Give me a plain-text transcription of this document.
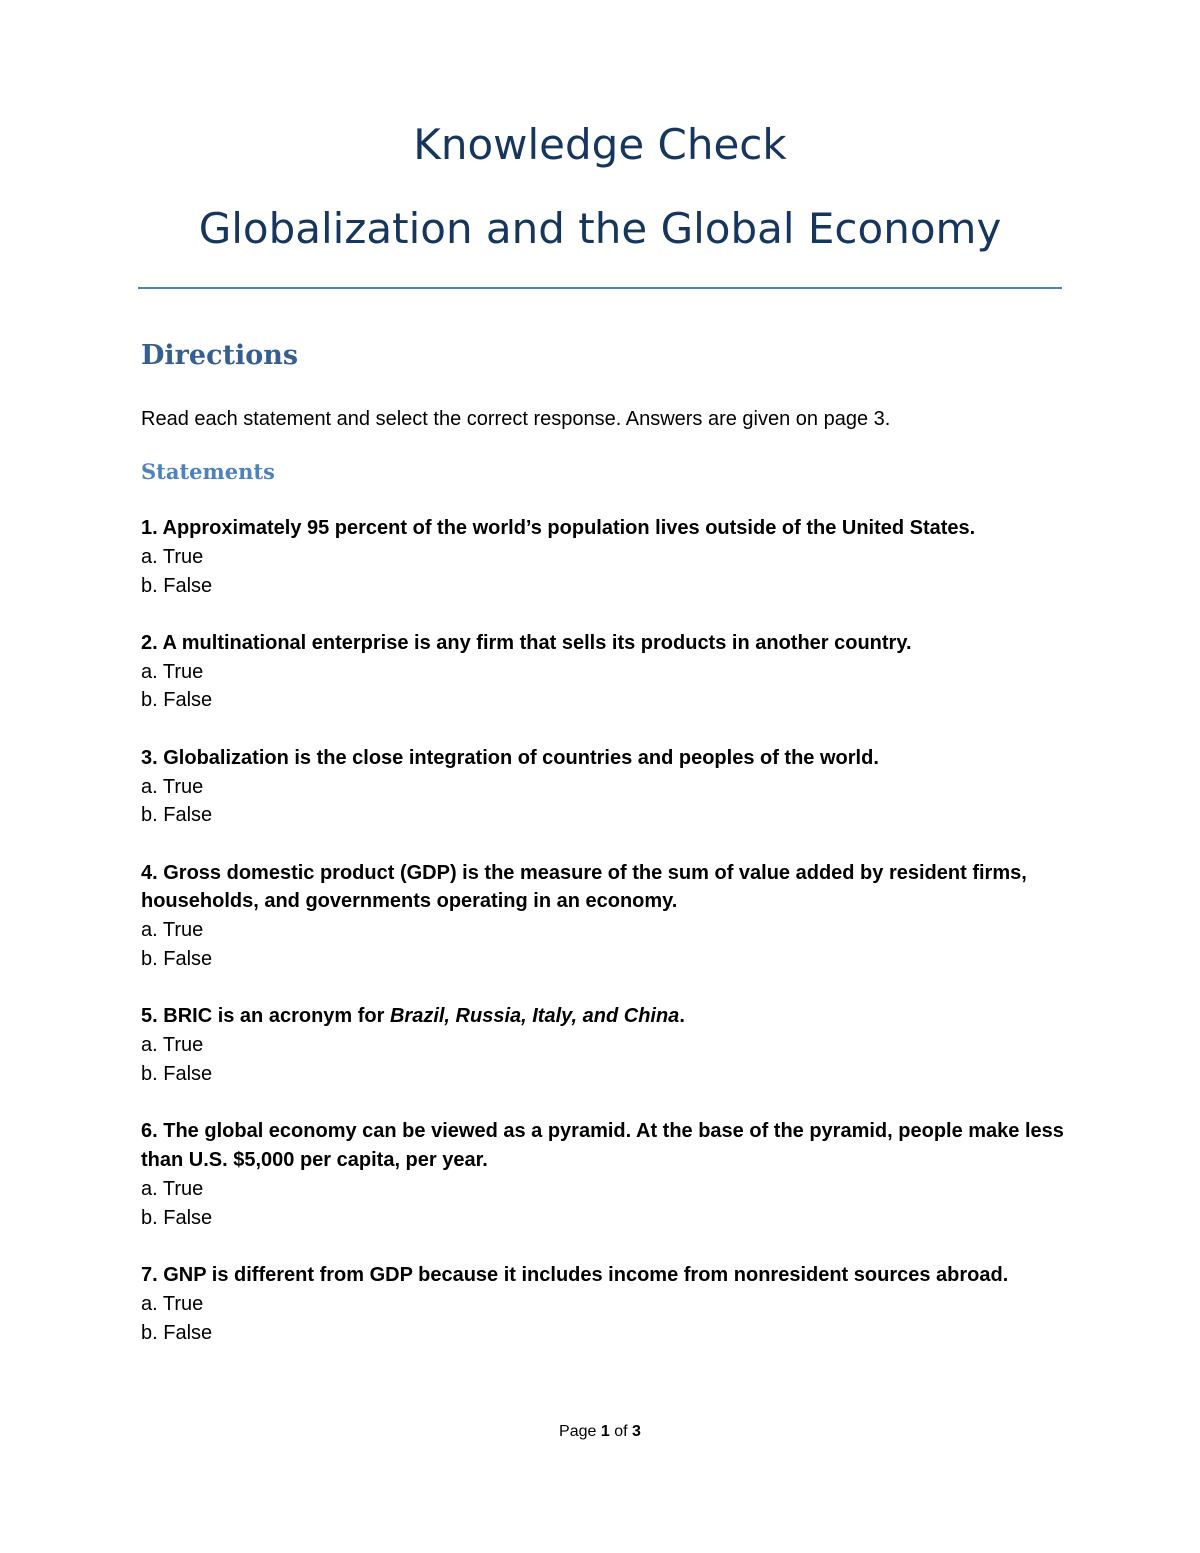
Knowledge Check
Globalization and the Global Economy
Directions
Read each statement and select the correct response. Answers are given on page 3.
Statements
1. Approximately 95 percent of the world’s population lives outside of the United States.
a. True
b. False
2. A multinational enterprise is any firm that sells its products in another country.
a. True
b. False
3. Globalization is the close integration of countries and peoples of the world.
a. True
b. False
4. Gross domestic product (GDP) is the measure of the sum of value added by resident firms, households, and governments operating in an economy.
a. True
b. False
5. BRIC is an acronym for Brazil, Russia, Italy, and China.
a. True
b. False
6. The global economy can be viewed as a pyramid. At the base of the pyramid, people make less than U.S. $5,000 per capita, per year.
a. True
b. False
7. GNP is different from GDP because it includes income from nonresident sources abroad.
a. True
b. False
Page 1 of 3
